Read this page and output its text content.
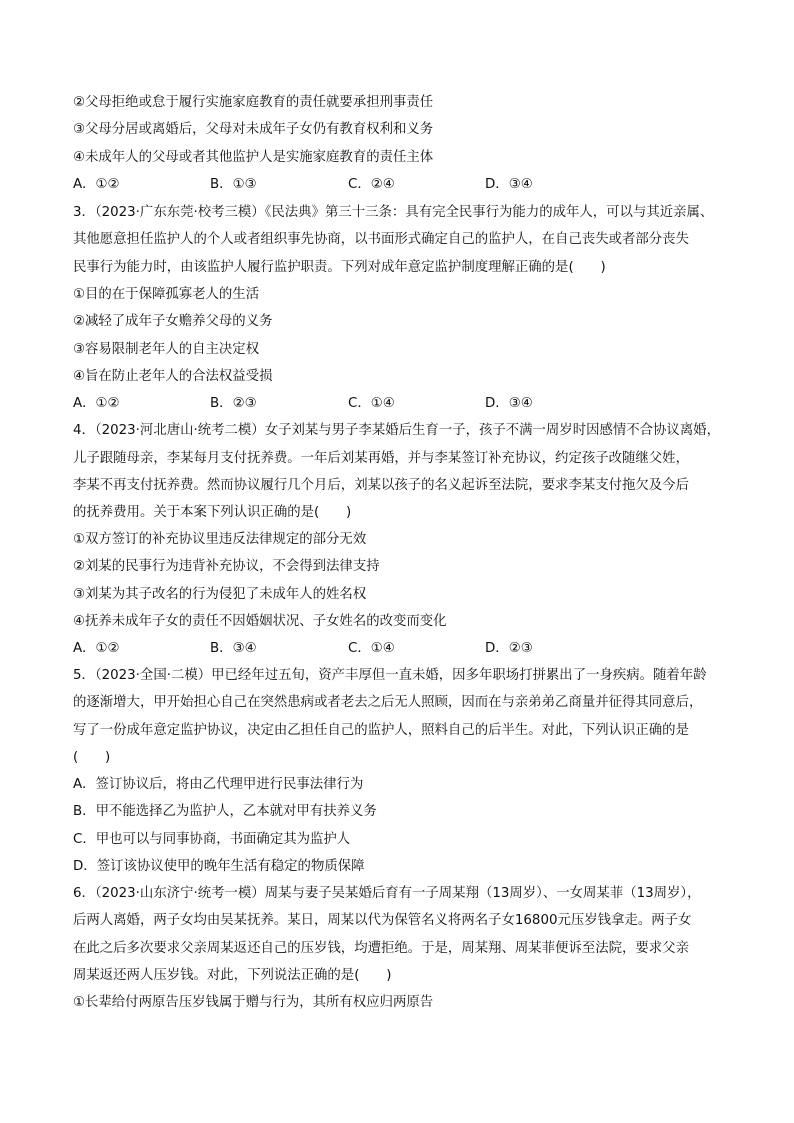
②父母拒绝或怠于履行实施家庭教育的责任就要承担刑事责任
③父母分居或离婚后，父母对未成年子女仍有教育权利和义务
④未成年人的父母或者其他监护人是实施家庭教育的责任主体
A．①②	B．①③	C．②④	D．③④
3．（2023·广东东莞·校考三模）《民法典》第三十三条：具有完全民事行为能力的成年人，可以与其近亲属、
其他愿意担任监护人的个人或者组织事先协商，以书面形式确定自己的监护人，在自己丧失或者部分丧失
民事行为能力时，由该监护人履行监护职责。下列对成年意定监护制度理解正确的是(　　)
①目的在于保障孤寡老人的生活
②减轻了成年子女赡养父母的义务
③容易限制老年人的自主决定权
④旨在防止老年人的合法权益受损
A．①②	B．②③	C．①④	D．③④
4．（2023·河北唐山·统考二模）女子刘某与男子李某婚后生育一子，孩子不满一周岁时因感情不合协议离婚，
儿子跟随母亲，李某每月支付抚养费。一年后刘某再婚，并与李某签订补充协议，约定孩子改随继父姓，
李某不再支付抚养费。然而协议履行几个月后，刘某以孩子的名义起诉至法院，要求李某支付拖欠及今后
的抚养费用。关于本案下列认识正确的是(　　)
①双方签订的补充协议里违反法律规定的部分无效
②刘某的民事行为违背补充协议，不会得到法律支持
③刘某为其子改名的行为侵犯了未成年人的姓名权
④抚养未成年子女的责任不因婚姻状况、子女姓名的改变而变化
A．①②	B．③④	C．①④	D．②③
5．（2023·全国·二模）甲已经年过五旬，资产丰厚但一直未婚，因多年职场打拼累出了一身疾病。随着年龄
的逐渐增大，甲开始担心自己在突然患病或者老去之后无人照顾，因而在与亲弟弟乙商量并征得其同意后，
写了一份成年意定监护协议，决定由乙担任自己的监护人，照料自己的后半生。对此，下列认识正确的是
(　　)
A．签订协议后，将由乙代理甲进行民事法律行为
B．甲不能选择乙为监护人，乙本就对甲有扶养义务
C．甲也可以与同事协商，书面确定其为监护人
D．签订该协议使甲的晚年生活有稳定的物质保障
6．（2023·山东济宁·统考一模）周某与妻子吴某婚后育有一子周某翔（13周岁）、一女周某菲（13周岁），
后两人离婚，两子女均由吴某抚养。某日，周某以代为保管名义将两名子女16800元压岁钱拿走。两子女
在此之后多次要求父亲周某返还自己的压岁钱，均遭拒绝。于是，周某翔、周某菲便诉至法院，要求父亲
周某返还两人压岁钱。对此，下列说法正确的是(　　)
①长辈给付两原告压岁钱属于赠与行为，其所有权应归两原告
